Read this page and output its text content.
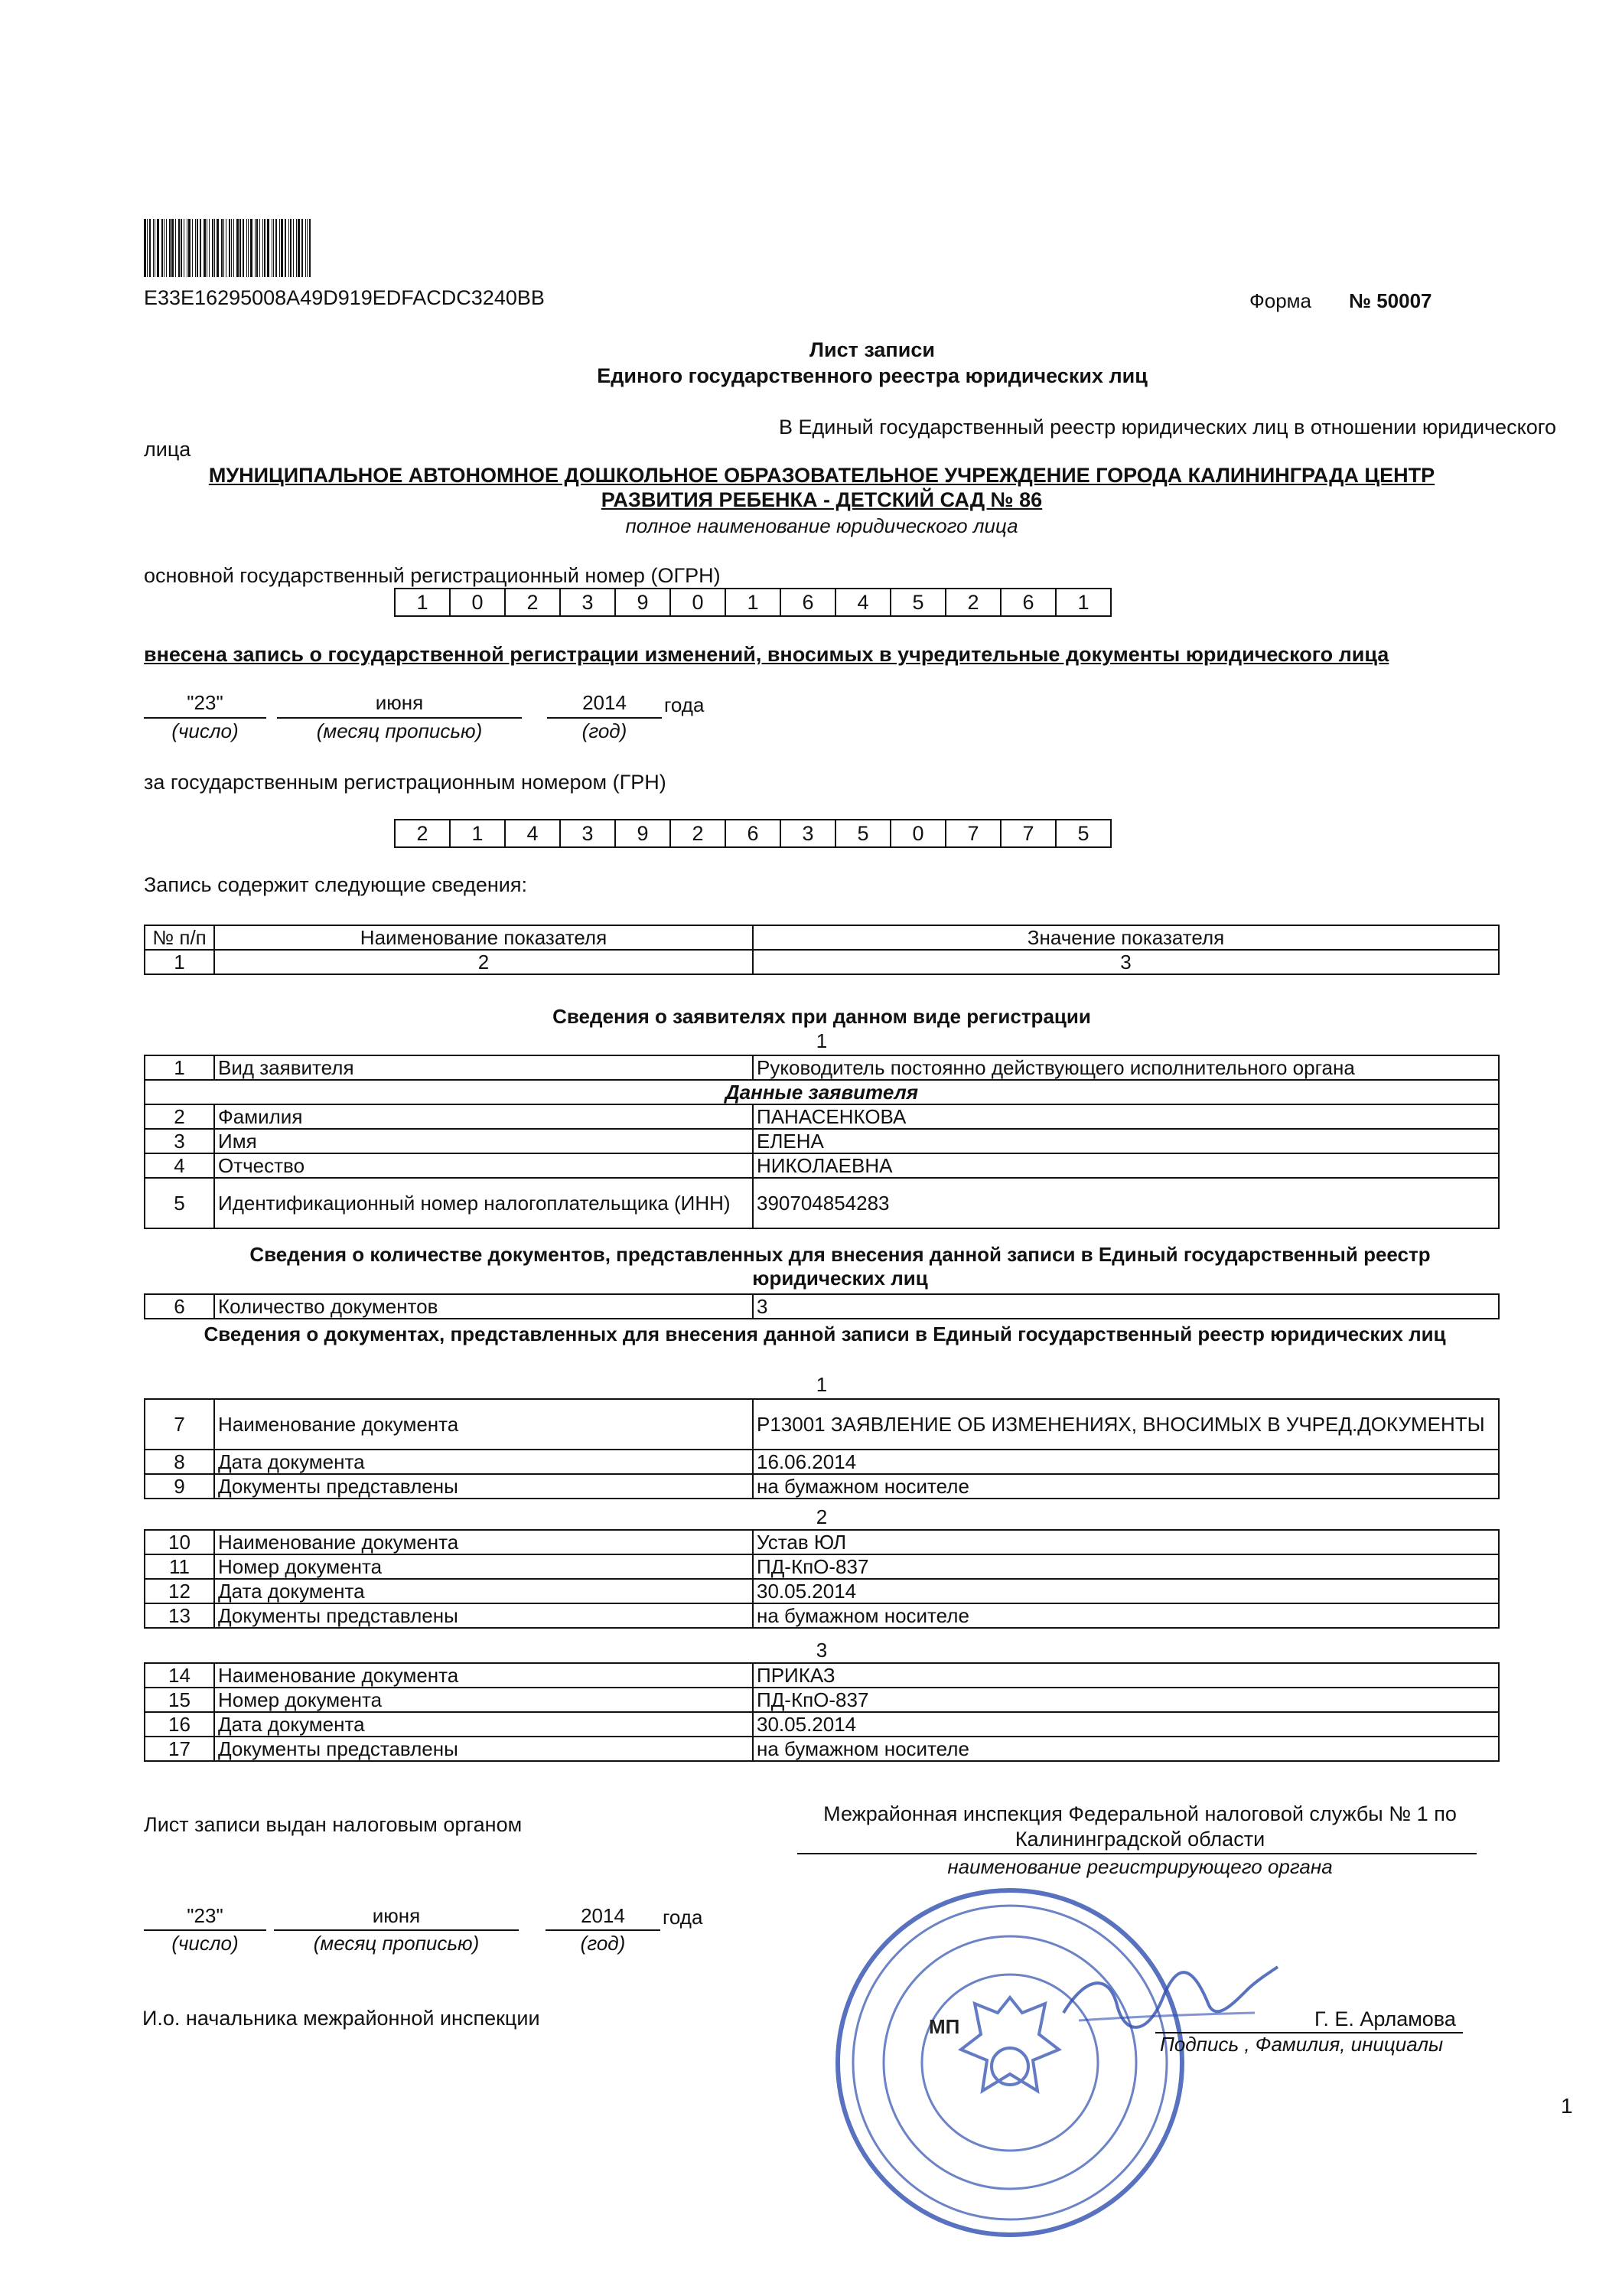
E33E16295008A49D919EDFACDC3240BB	Форма № 50007
Лист записи
Единого государственного реестра юридических лиц
В Единый государственный реестр юридических лиц в отношении юридического
лица
МУНИЦИПАЛЬНОЕ АВТОНОМНОЕ ДОШКОЛЬНОЕ ОБРАЗОВАТЕЛЬНОЕ УЧРЕЖДЕНИЕ ГОРОДА КАЛИНИНГРАДА ЦЕНТР
РАЗВИТИЯ РЕБЕНКА - ДЕТСКИЙ САД № 86
полное наименование юридического лица
основной государственный регистрационный номер (ОГРН)
1	0	2	3	9	0	1	6	4	5	2	6	1
внесена запись о государственной регистрации изменений, вносимых в учредительные документы юридического лица
"23"	июня	2014	года
(число)	(месяц прописью)	(год)
за государственным регистрационным номером (ГРН)
2	1	4	3	9	2	6	3	5	0	7	7	5
Запись содержит следующие сведения:
№ п/п	Наименование показателя	Значение показателя
1	2	3
Сведения о заявителях при данном виде регистрации
1
1	Вид заявителя	Руководитель постоянно действующего исполнительного органа
Данные заявителя		
2	Фамилия	ПАНАСЕНКОВА
3	Имя	ЕЛЕНА
4	Отчество	НИКОЛАЕВНА
5	Идентификационный номер налогоплательщика (ИНН)	390704854283
Сведения о количестве документов, представленных для внесения данной записи в Единый государственный реестр юридических лиц
6	Количество документов	3
Сведения о документах, представленных для внесения данной записи в Единый государственный реестр юридических лиц
1
7	Наименование документа	Р13001 ЗАЯВЛЕНИЕ ОБ ИЗМЕНЕНИЯХ, ВНОСИМЫХ В УЧРЕД.ДОКУМЕНТЫ
8	Дата документа	16.06.2014
9	Документы представлены	на бумажном носителе
2
10	Наименование документа	Устав ЮЛ
11	Номер документа	ПД-КпО-837
12	Дата документа	30.05.2014
13	Документы представлены	на бумажном носителе
3
14	Наименование документа	ПРИКАЗ
15	Номер документа	ПД-КпО-837
16	Дата документа	30.05.2014
17	Документы представлены	на бумажном носителе
Лист записи выдан налоговым органом	Межрайонная инспекция Федеральной налоговой службы № 1 по
Калининградской области
наименование регистрирующего органа
"23"	июня	2014	года
(число)	(месяц прописью)	(год)
И.о. начальника межрайонной инспекции	МП	Г. Е. Арламова
Подпись , Фамилия, инициалы
1
